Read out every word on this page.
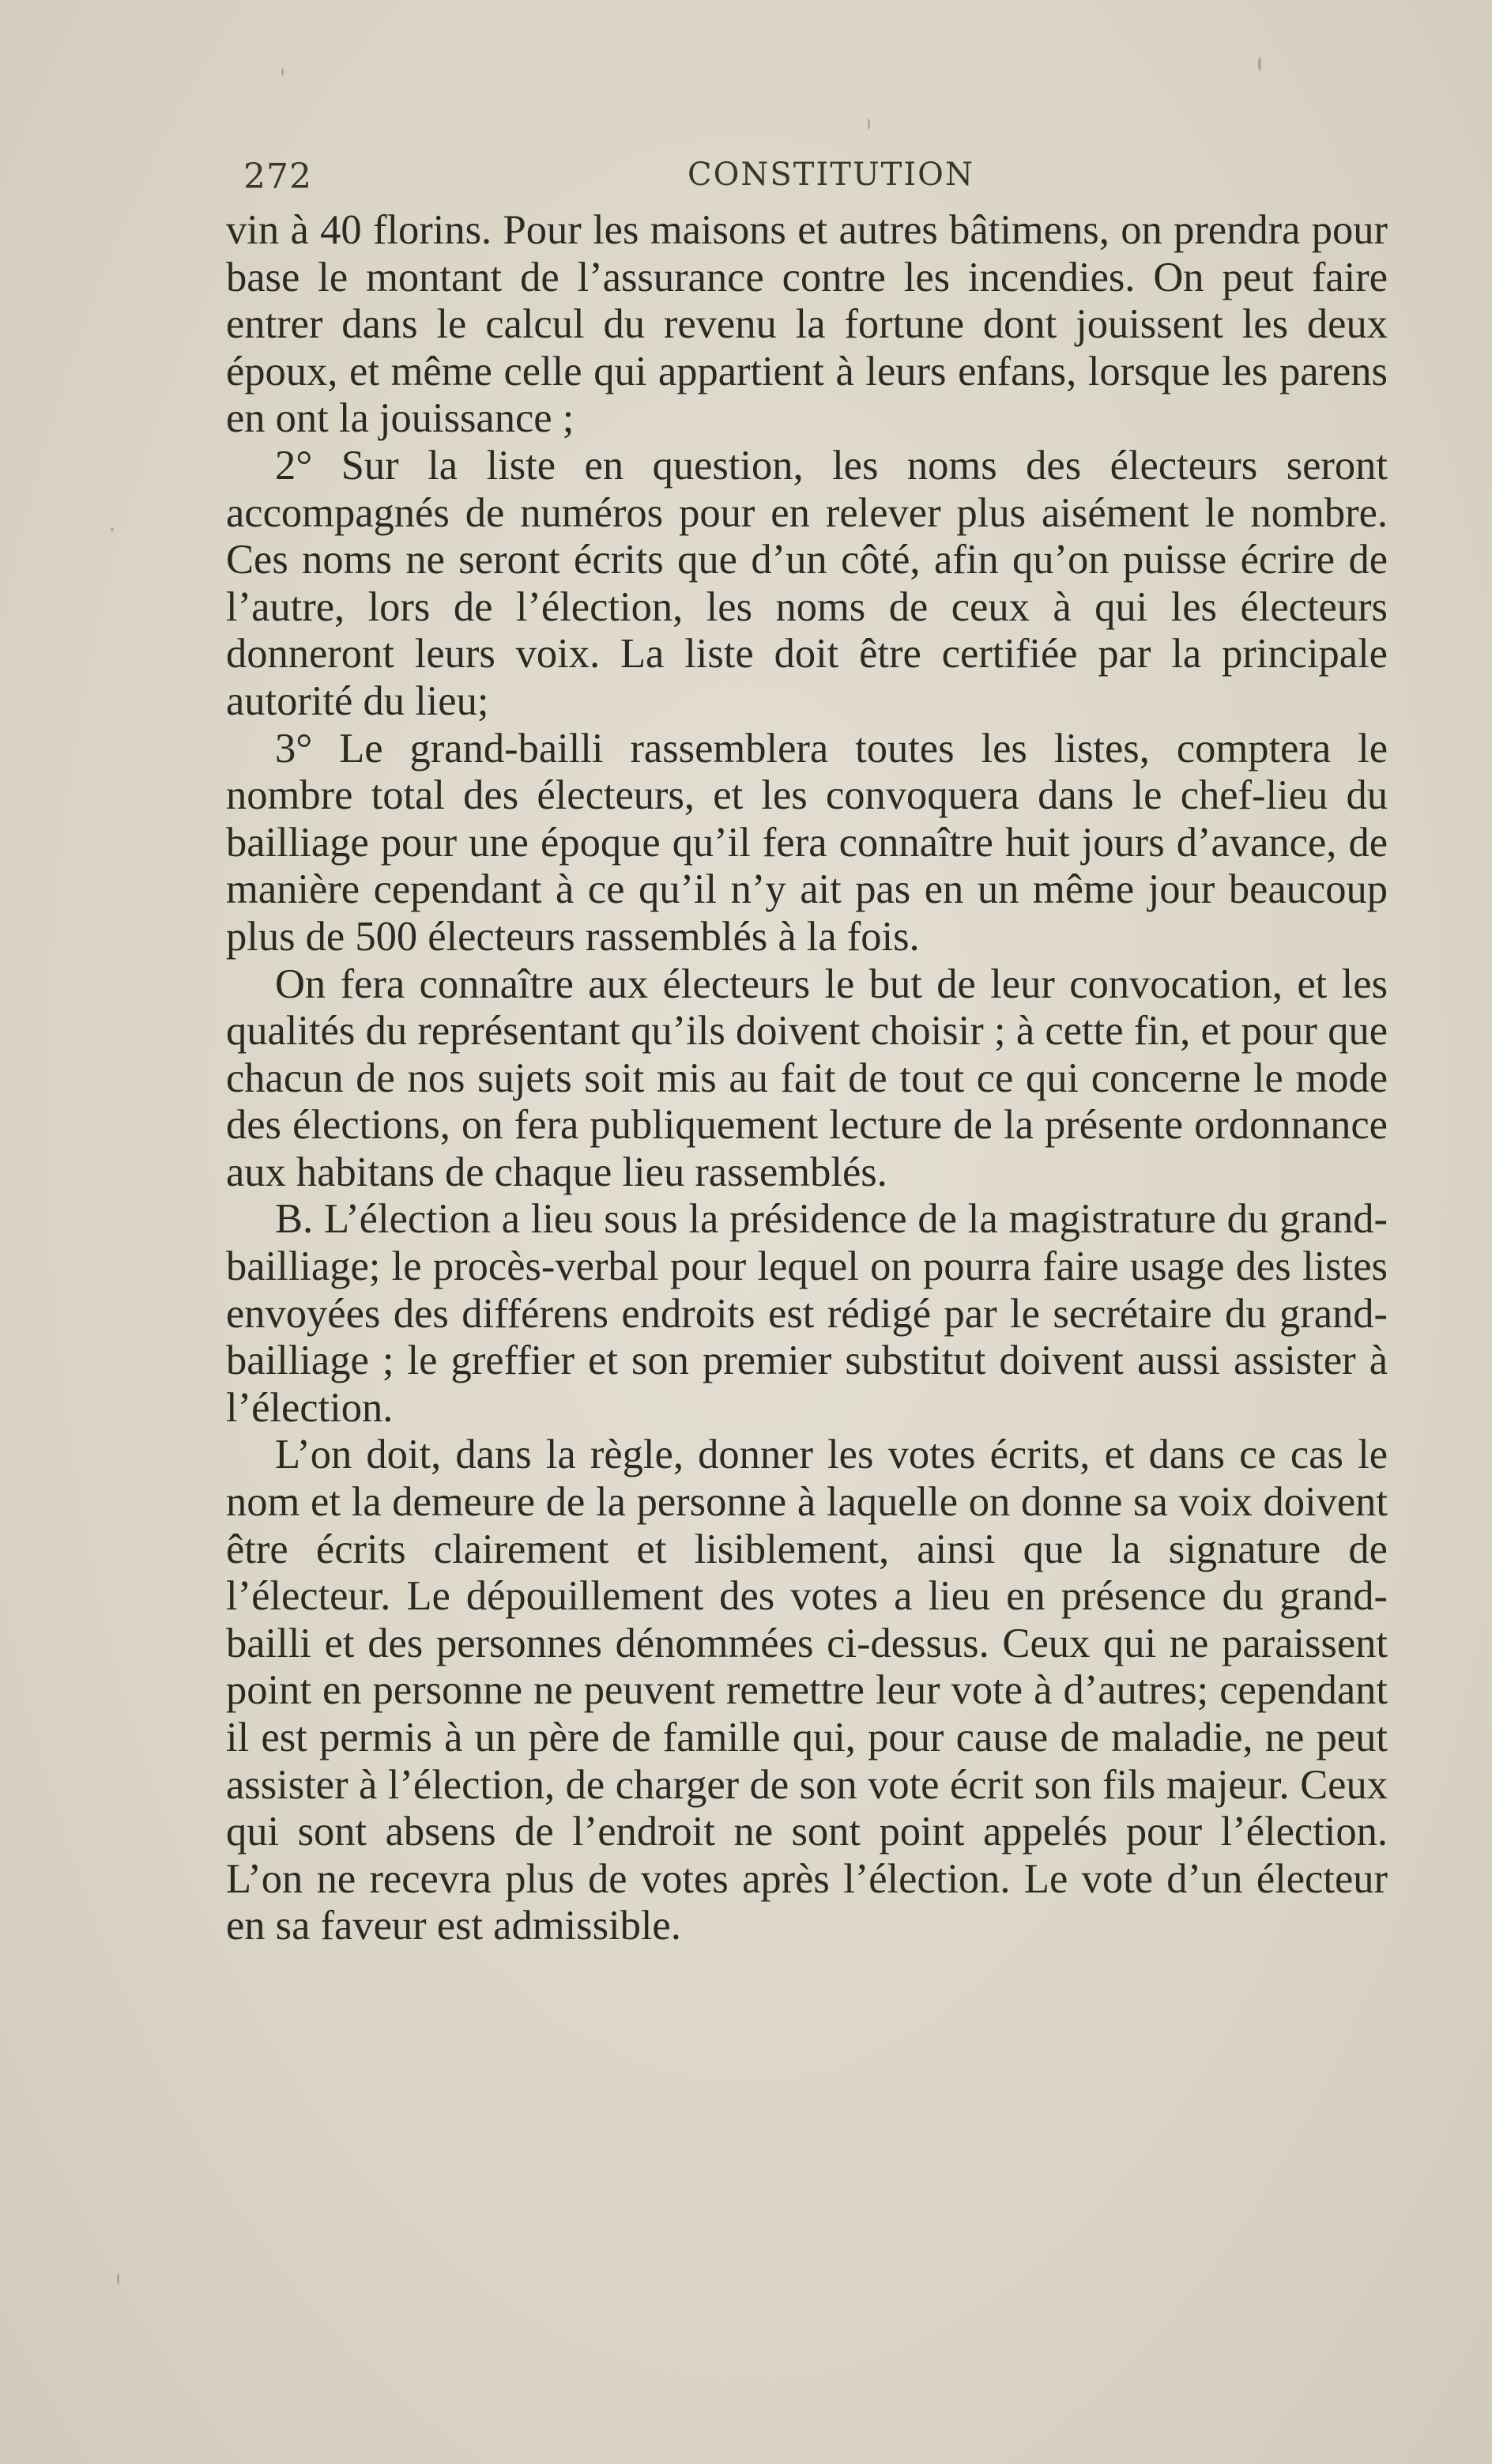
272	CONSTITUTION

vin à 40 florins. Pour les maisons et autres bâtimens, on prendra pour base le montant de l’assurance contre les incendies. On peut faire entrer dans le calcul du revenu la fortune dont jouissent les deux époux, et même celle qui appartient à leurs enfans, lorsque les parens en ont la jouissance ;

2° Sur la liste en question, les noms des électeurs seront accompagnés de numéros pour en relever plus aisément le nombre. Ces noms ne seront écrits que d’un côté, afin qu’on puisse écrire de l’autre, lors de l’élection, les noms de ceux à qui les électeurs donneront leurs voix. La liste doit être certifiée par la principale autorité du lieu;

3° Le grand-bailli rassemblera toutes les listes, comptera le nombre total des électeurs, et les convoquera dans le chef-lieu du bailliage pour une époque qu’il fera connaître huit jours d’avance, de manière cependant à ce qu’il n’y ait pas en un même jour beaucoup plus de 500 électeurs rassemblés à la fois.

On fera connaître aux électeurs le but de leur convocation, et les qualités du représentant qu’ils doivent choisir ; à cette fin, et pour que chacun de nos sujets soit mis au fait de tout ce qui concerne le mode des élections, on fera publiquement lecture de la présente ordonnance aux habitans de chaque lieu rassemblés.

B. L’élection a lieu sous la présidence de la magistrature du grand-bailliage; le procès-verbal pour lequel on pourra faire usage des listes envoyées des différens endroits est rédigé par le secrétaire du grand-bailliage ; le greffier et son premier substitut doivent aussi assister à l’élection.

L’on doit, dans la règle, donner les votes écrits, et dans ce cas le nom et la demeure de la personne à laquelle on donne sa voix doivent être écrits clairement et lisiblement, ainsi que la signature de l’électeur. Le dépouillement des votes a lieu en présence du grand-bailli et des personnes dénommées ci-dessus. Ceux qui ne paraissent point en personne ne peuvent remettre leur vote à d’autres; cependant il est permis à un père de famille qui, pour cause de maladie, ne peut assister à l’élection, de charger de son vote écrit son fils majeur. Ceux qui sont absens de l’endroit ne sont point appelés pour l’élection. L’on ne recevra plus de votes après l’élection. Le vote d’un électeur en sa faveur est admissible.
